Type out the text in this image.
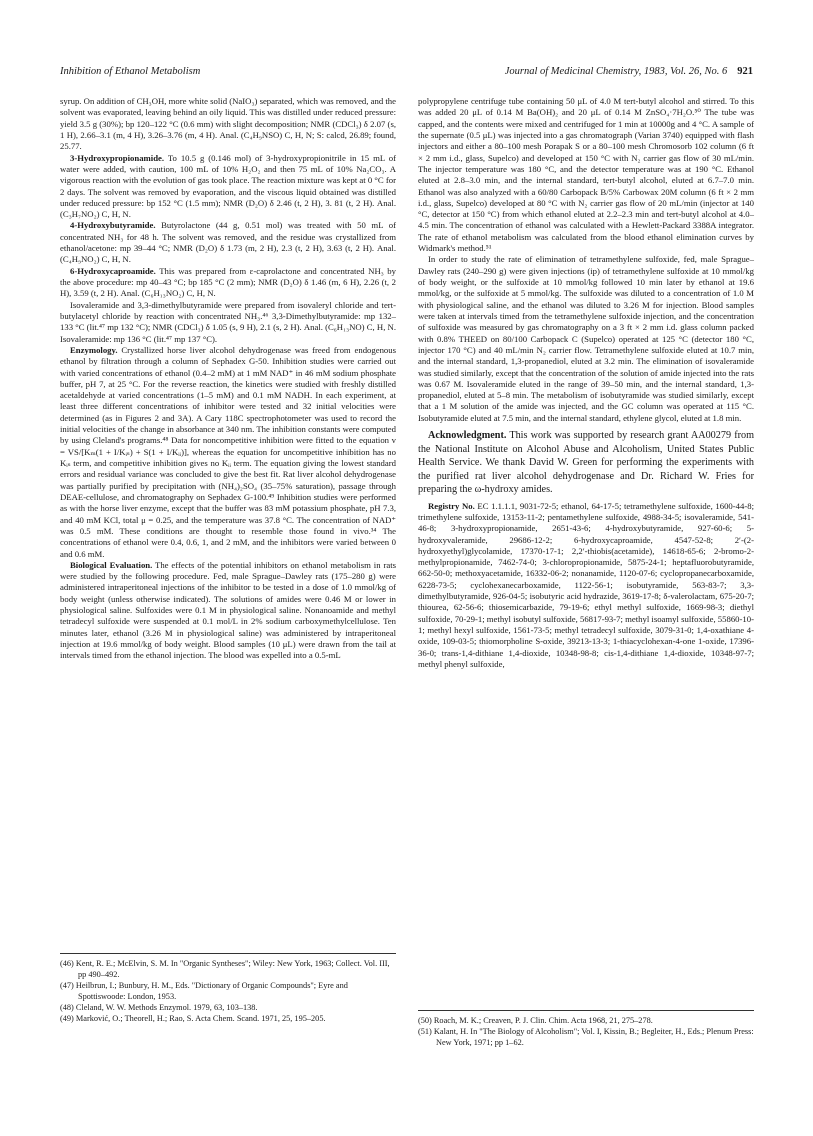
Inhibition of Ethanol Metabolism	Journal of Medicinal Chemistry, 1983, Vol. 26, No. 6 921

syrup. On addition of CH₃OH, more white solid (NaIO₃) separated, which was removed, and the solvent was evaporated, leaving behind an oily liquid. This was distilled under reduced pressure: yield 3.5 g (30%); bp 120–122 °C (0.6 mm) with slight decomposition; NMR (CDCl₃) δ 2.07 (s, 1 H), 2.66–3.1 (m, 4 H), 3.26–3.76 (m, 4 H). Anal. (C₄H₉NSO) C, H, N; S: calcd, 26.89; found, 25.77.

3-Hydroxypropionamide. To 10.5 g (0.146 mol) of 3-hydroxypropionitrile in 15 mL of water were added, with caution, 100 mL of 10% H₂O₂ and then 75 mL of 10% Na₂CO₃. A vigorous reaction with the evolution of gas took place. The reaction mixture was kept at 0 °C for 2 days. The solvent was removed by evaporation, and the viscous liquid obtained was distilled under reduced pressure: bp 152 °C (1.5 mm); NMR (D₂O) δ 2.46 (t, 2 H), 3. 81 (t, 2 H). Anal. (C₃H₇NO₂) C, H, N.

4-Hydroxybutyramide. Butyrolactone (44 g, 0.51 mol) was treated with 50 mL of concentrated NH₃ for 48 h. The solvent was removed, and the residue was crystallized from ethanol/acetone: mp 39–44 °C; NMR (D₂O) δ 1.73 (m, 2 H), 2.3 (t, 2 H), 3.63 (t, 2 H). Anal. (C₄H₉NO₂) C, H, N.

6-Hydroxycaproamide. This was prepared from ε-caprolactone and concentrated NH₃ by the above procedure: mp 40–43 °C; bp 185 °C (2 mm); NMR (D₂O) δ 1.46 (m, 6 H), 2.26 (t, 2 H), 3.59 (t, 2 H). Anal. (C₆H₁₃NO₂) C, H, N.

Isovaleramide and 3,3-dimethylbutyramide were prepared from isovaleryl chloride and tert-butylacetyl chloride by reaction with concentrated NH₃.⁴⁶ 3,3-Dimethylbutyramide: mp 132–133 °C (lit.⁴⁷ mp 132 °C); NMR (CDCl₃) δ 1.05 (s, 9 H), 2.1 (s, 2 H). Anal. (C₆H₁₃NO) C, H, N. Isovaleramide: mp 136 °C (lit.⁴⁷ mp 137 °C).

Enzymology. Crystallized horse liver alcohol dehydrogenase was freed from endogenous ethanol by filtration through a column of Sephadex G-50. Inhibition studies were carried out with varied concentrations of ethanol (0.4–2 mM) at 1 mM NAD⁺ in 46 mM sodium phosphate buffer, pH 7, at 25 °C. For the reverse reaction, the kinetics were studied with freshly distilled acetaldehyde at varied concentrations (1–5 mM) and 0.1 mM NADH. In each experiment, at least three different concentrations of inhibitor were tested and 32 initial velocities were determined (as in Figures 2 and 3A). A Cary 118C spectrophotometer was used to record the initial velocities of the change in absorbance at 340 nm. The inhibition constants were computed by using Cleland's programs.⁴⁸ Data for noncompetitive inhibition were fitted to the equation v = VS/[Kₘ(1 + I/Kᵢₛ) + S(1 + I/Kᵢᵢ)], whereas the equation for uncompetitive inhibition has no Kᵢₛ term, and competitive inhibition gives no Kᵢᵢ term. The equation giving the lowest standard errors and residual variance was concluded to give the best fit. Rat liver alcohol dehydrogenase was partially purified by precipitation with (NH₄)₂SO₄ (35–75% saturation), passage through DEAE-cellulose, and chromatography on Sephadex G-100.⁴⁹ Inhibition studies were performed as with the horse liver enzyme, except that the buffer was 83 mM potassium phosphate, pH 7.3, and 40 mM KCl, total μ = 0.25, and the temperature was 37.8 °C. The concentration of NAD⁺ was 0.5 mM. These conditions are thought to resemble those found in vivo.³⁴ The concentrations of ethanol were 0.4, 0.6, 1, and 2 mM, and the inhibitors were varied between 0 and 0.6 mM.

Biological Evaluation. The effects of the potential inhibitors on ethanol metabolism in rats were studied by the following procedure. Fed, male Sprague–Dawley rats (175–280 g) were administered intraperitoneal injections of the inhibitor to be tested in a dose of 1.0 mmol/kg of body weight (unless otherwise indicated). The solutions of amides were 0.46 M or lower in physiological saline. Sulfoxides were 0.1 M in physiological saline. Nonanoamide and methyl tetradecyl sulfoxide were suspended at 0.1 mol/L in 2% sodium carboxymethylcellulose. Ten minutes later, ethanol (3.26 M in physiological saline) was administered by intraperitoneal injection at 19.6 mmol/kg of body weight. Blood samples (10 μL) were drawn from the tail at intervals timed from the ethanol injection. The blood was expelled into a 0.5-mL

(46) Kent, R. E.; McElvin, S. M. In "Organic Syntheses"; Wiley: New York, 1963; Collect. Vol. III, pp 490–492.

(47) Heilbrun, I.; Bunbury, H. M., Eds. "Dictionary of Organic Compounds"; Eyre and Spottiswoode: London, 1953.

(48) Cleland, W. W. Methods Enzymol. 1979, 63, 103–138.

(49) Marković, O.; Theorell, H.; Rao, S. Acta Chem. Scand. 1971, 25, 195–205.

polypropylene centrifuge tube containing 50 μL of 4.0 M tert-butyl alcohol and stirred. To this was added 20 μL of 0.14 M Ba(OH)₂ and 20 μL of 0.14 M ZnSO₄·7H₂O.⁵⁰ The tube was capped, and the contents were mixed and centrifuged for 1 min at 10000g and 4 °C. A sample of the supernate (0.5 μL) was injected into a gas chromatograph (Varian 3740) equipped with flash injectors and either a 80–100 mesh Porapak S or a 80–100 mesh Chromosorb 102 column (6 ft × 2 mm i.d., glass, Supelco) and developed at 150 °C with N₂ carrier gas flow of 30 mL/min. The injector temperature was 180 °C, and the detector temperature was at 190 °C. Ethanol eluted at 2.8–3.0 min, and the internal standard, tert-butyl alcohol, eluted at 6.7–7.0 min. Ethanol was also analyzed with a 60/80 Carbopack B/5% Carbowax 20M column (6 ft × 2 mm i.d., glass, Supelco) developed at 80 °C with N₂ carrier gas flow of 20 mL/min (injector at 140 °C, detector at 150 °C) from which ethanol eluted at 2.2–2.3 min and tert-butyl alcohol at 4.0–4.5 min. The concentration of ethanol was calculated with a Hewlett-Packard 3388A integrator. The rate of ethanol metabolism was calculated from the blood ethanol elimination curves by Widmark's method.⁵¹

In order to study the rate of elimination of tetramethylene sulfoxide, fed, male Sprague–Dawley rats (240–290 g) were given injections (ip) of tetramethylene sulfoxide at 10 mmol/kg of body weight, or the sulfoxide at 10 mmol/kg followed 10 min later by ethanol at 19.6 mmol/kg, or the sulfoxide at 5 mmol/kg. The sulfoxide was diluted to a concentration of 1.0 M with physiological saline, and the ethanol was diluted to 3.26 M for injection. Blood samples were taken at intervals timed from the tetramethylene sulfoxide injection, and the concentration of sulfoxide was measured by gas chromatography on a 3 ft × 2 mm i.d. glass column packed with 0.8% THEED on 80/100 Carbopack C (Supelco) operated at 125 °C (detector 180 °C, injector 170 °C) and 40 mL/min N₂ carrier flow. Tetramethylene sulfoxide eluted at 10.7 min, and the internal standard, 1,3-propanediol, eluted at 3.2 min. The elimination of isovaleramide was studied similarly, except that the concentration of the solution of amide injected into the rats was 0.67 M. Isovaleramide eluted in the range of 39–50 min, and the internal standard, 1,3-propanediol, eluted at 5–8 min. The metabolism of isobutyramide was studied similarly, except that a 1 M solution of the amide was injected, and the GC column was operated at 115 °C. Isobutyramide eluted at 7.5 min, and the internal standard, ethylene glycol, eluted at 1.8 min.

Acknowledgment. This work was supported by research grant AA00279 from the National Institute on Alcohol Abuse and Alcoholism, United States Public Health Service. We thank David W. Green for performing the experiments with the purified rat liver alcohol dehydrogenase and Dr. Richard W. Fries for preparing the ω-hydroxy amides.

Registry No. EC 1.1.1.1, 9031-72-5; ethanol, 64-17-5; tetramethylene sulfoxide, 1600-44-8; trimethylene sulfoxide, 13153-11-2; pentamethylene sulfoxide, 4988-34-5; isovaleramide, 541-46-8; 3-hydroxypropionamide, 2651-43-6; 4-hydroxybutyramide, 927-60-6; 5-hydroxyvaleramide, 29686-12-2; 6-hydroxycaproamide, 4547-52-8; 2′-(2-hydroxyethyl)glycolamide, 17370-17-1; 2,2′-thiobis(acetamide), 14618-65-6; 2-bromo-2-methylpropionamide, 7462-74-0; 3-chloropropionamide, 5875-24-1; heptafluorobutyramide, 662-50-0; methoxyacetamide, 16332-06-2; nonanamide, 1120-07-6; cyclopropanecarboxamide, 6228-73-5; cyclohexanecarboxamide, 1122-56-1; isobutyramide, 563-83-7; 3,3-dimethylbutyramide, 926-04-5; isobutyric acid hydrazide, 3619-17-8; δ-valerolactam, 675-20-7; thiourea, 62-56-6; thiosemicarbazide, 79-19-6; ethyl methyl sulfoxide, 1669-98-3; diethyl sulfoxide, 70-29-1; methyl isobutyl sulfoxide, 56817-93-7; methyl isoamyl sulfoxide, 55860-10-1; methyl hexyl sulfoxide, 1561-73-5; methyl tetradecyl sulfoxide, 3079-31-0; 1,4-oxathiane 4-oxide, 109-03-5; thiomorpholine S-oxide, 39213-13-3; 1-thiacyclohexan-4-one 1-oxide, 17396-36-0; trans-1,4-dithiane 1,4-dioxide, 10348-98-8; cis-1,4-dithiane 1,4-dioxide, 10348-97-7; methyl phenyl sulfoxide,

(50) Roach, M. K.; Creaven, P. J. Clin. Chim. Acta 1968, 21, 275–278.

(51) Kalant, H. In "The Biology of Alcoholism"; Vol. I, Kissin, B.; Begleiter, H., Eds.; Plenum Press: New York, 1971; pp 1–62.
